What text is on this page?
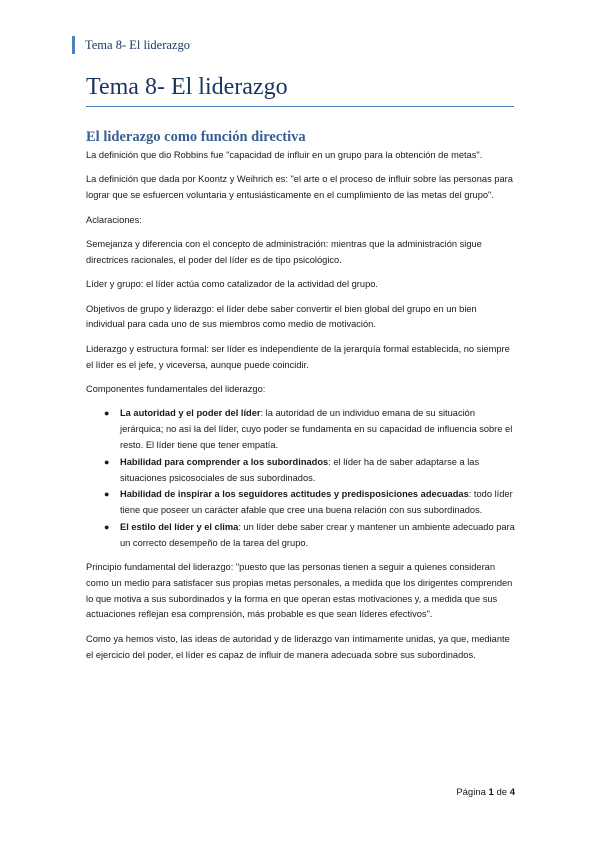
Tema 8- El liderazgo
Tema 8- El liderazgo
El liderazgo como función directiva

La definición que dio Robbins fue "capacidad de influir en un grupo para la obtención de metas".

La definición que dada por Koontz y Weihrich es: "el arte o el proceso de influir sobre las personas para lograr que se esfuercen voluntaria y entusiásticamente en el cumplimiento de las metas del grupo".

Aclaraciones:

Semejanza y diferencia con el concepto de administración: mientras que la administración sigue directrices racionales, el poder del líder es de tipo psicológico.

Líder y grupo: el líder actúa como catalizador de la actividad del grupo.

Objetivos de grupo y liderazgo: el líder debe saber convertir el bien global del grupo en un bien individual para cada uno de sus miembros como medio de motivación.

Liderazgo y estructura formal: ser líder es independiente de la jerarquía formal establecida, no siempre el líder es el jefe, y viceversa, aunque puede coincidir.

Componentes fundamentales del liderazgo:

● La autoridad y el poder del líder: la autoridad de un individuo emana de su situación jerárquica; no así la del líder, cuyo poder se fundamenta en su capacidad de influencia sobre el resto. El líder tiene que tener empatía.
● Habilidad para comprender a los subordinados: el líder ha de saber adaptarse a las situaciones psicosociales de sus subordinados.
● Habilidad de inspirar a los seguidores actitudes y predisposiciones adecuadas: todo líder tiene que poseer un carácter afable que cree una buena relación con sus subordinados.
● El estilo del líder y el clima: un líder debe saber crear y mantener un ambiente adecuado para un correcto desempeño de la tarea del grupo.

Principio fundamental del liderazgo: "puesto que las personas tienen a seguir a quienes consideran como un medio para satisfacer sus propias metas personales, a medida que los dirigentes comprenden lo que motiva a sus subordinados y la forma en que operan estas motivaciones y, a medida que sus actuaciones reflejan esa comprensión, más probable es que sean líderes efectivos".

Como ya hemos visto, las ideas de autoridad y de liderazgo van íntimamente unidas, ya que, mediante el ejercicio del poder, el líder es capaz de influir de manera adecuada sobre sus subordinados.

Página 1 de 4
